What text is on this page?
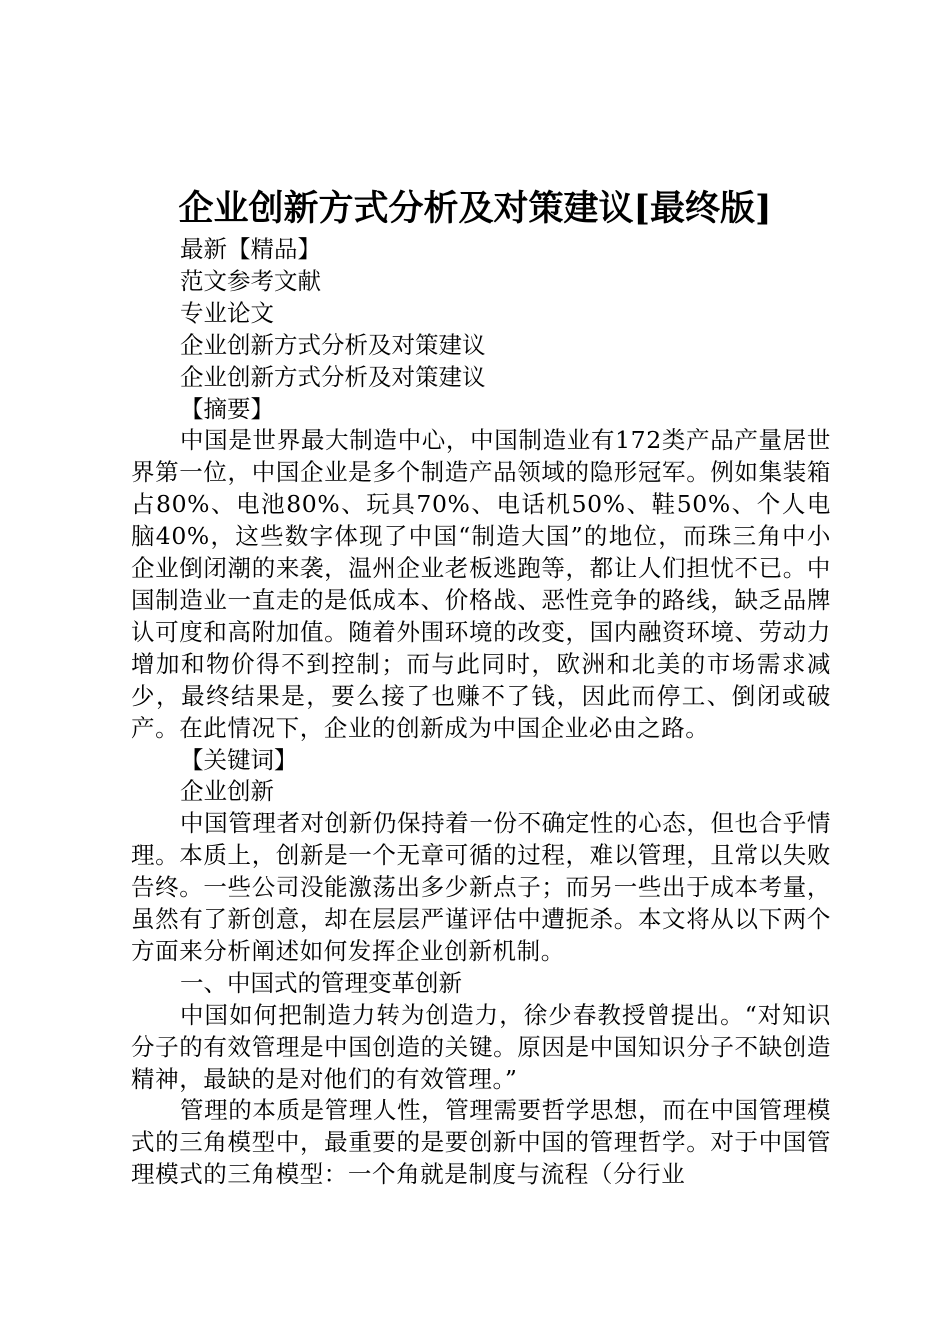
企业创新方式分析及对策建议[最终版]
最新【精品】
范文参考文献
专业论文
企业创新方式分析及对策建议
企业创新方式分析及对策建议
【摘要】

中国是世界最大制造中心，中国制造业有172类产品产量居世界第一位，中国企业是多个制造产品领域的隐形冠军。例如集装箱占80%、电池80%、玩具70%、电话机50%、鞋50%、个人电脑40%，这些数字体现了中国“制造大国”的地位，而珠三角中小企业倒闭潮的来袭，温州企业老板逃跑等，都让人们担忧不已。中国制造业一直走的是低成本、价格战、恶性竞争的路线，缺乏品牌认可度和高附加值。随着外围环境的改变，国内融资环境、劳动力增加和物价得不到控制；而与此同时，欧洲和北美的市场需求减少，最终结果是，要么接了也赚不了钱，因此而停工、倒闭或破产。在此情况下，企业的创新成为中国企业必由之路。

【关键词】
企业创新

中国管理者对创新仍保持着一份不确定性的心态，但也合乎情理。本质上，创新是一个无章可循的过程，难以管理，且常以失败告终。一些公司没能激荡出多少新点子；而另一些出于成本考量，虽然有了新创意，却在层层严谨评估中遭扼杀。本文将从以下两个方面来分析阐述如何发挥企业创新机制。

一、中国式的管理变革创新

中国如何把制造力转为创造力，徐少春教授曾提出。“对知识分子的有效管理是中国创造的关键。原因是中国知识分子不缺创造精神，最缺的是对他们的有效管理。”

管理的本质是管理人性，管理需要哲学思想，而在中国管理模式的三角模型中，最重要的是要创新中国的管理哲学。对于中国管理模式的三角模型：一个角就是制度与流程（分行业
